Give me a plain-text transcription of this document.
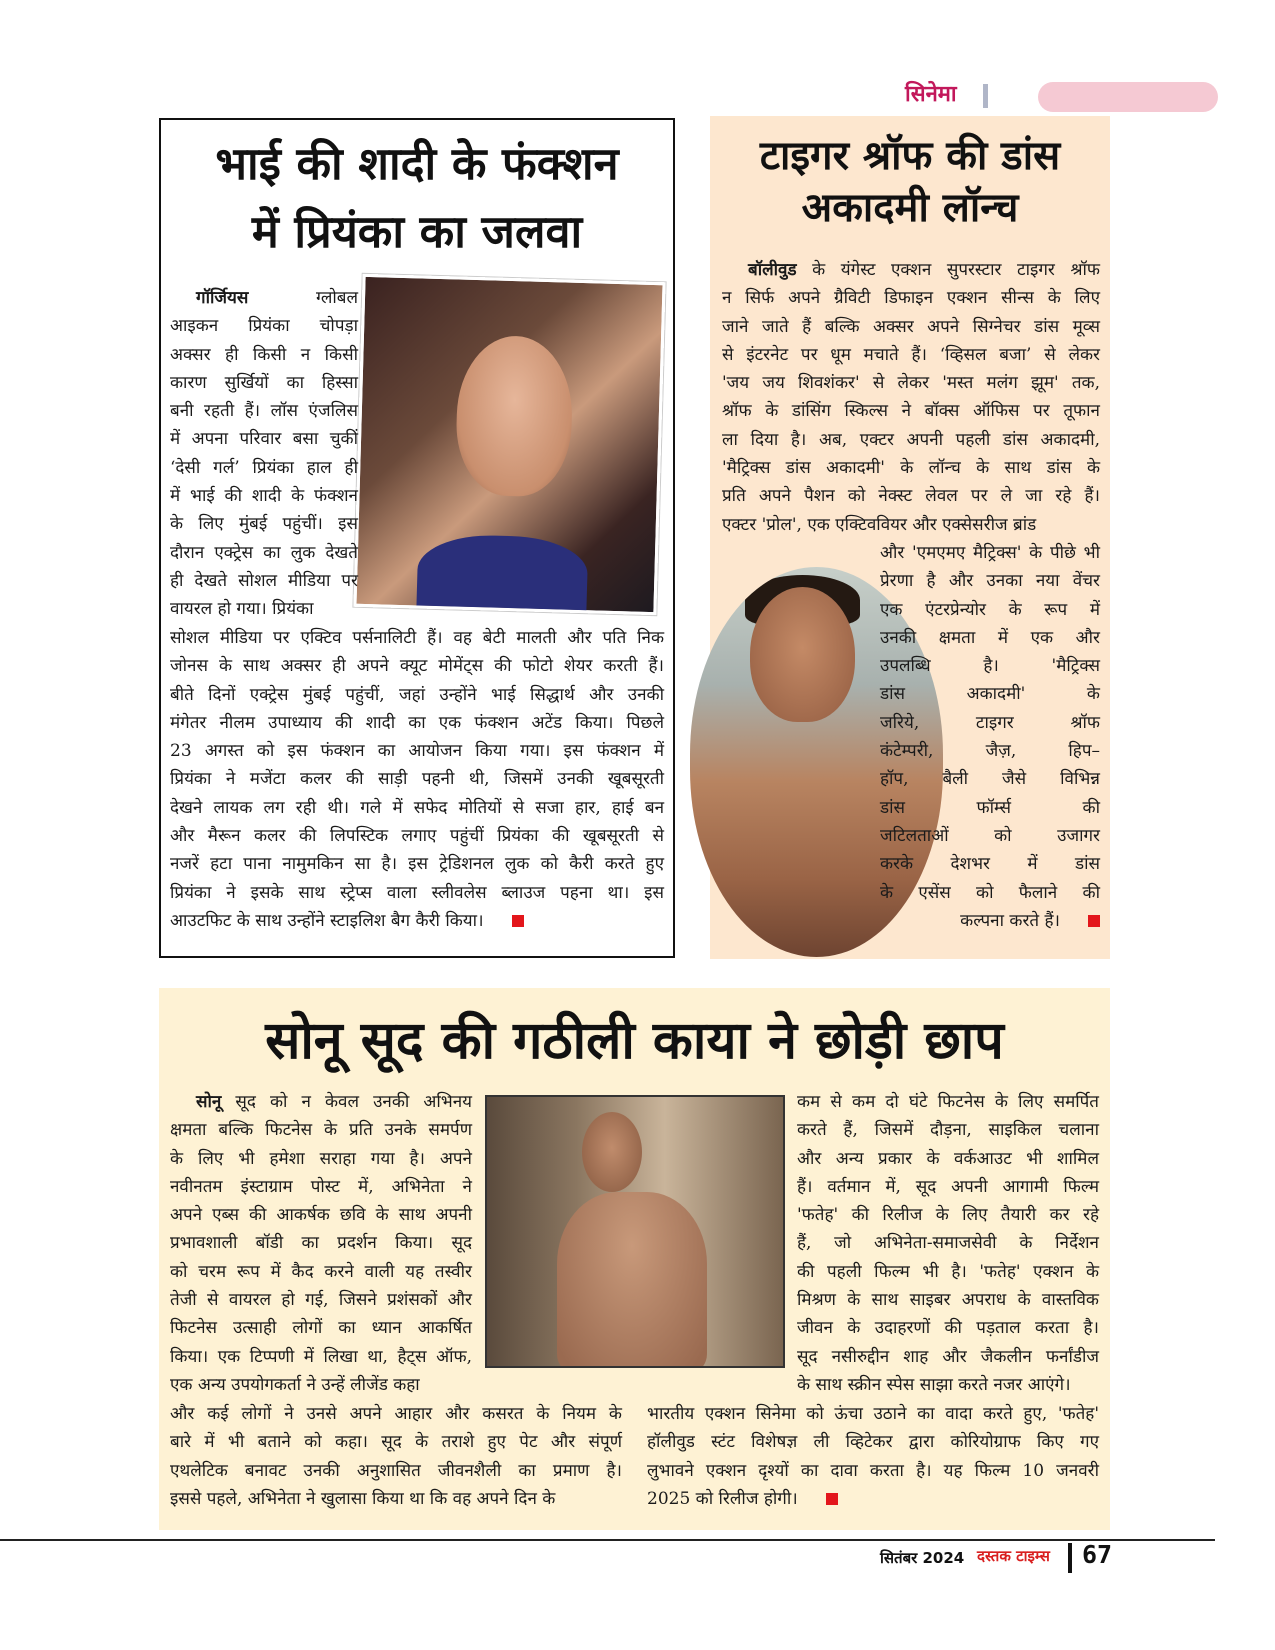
सिनेमा
भाई की शादी के फंक्शन
में प्रियंका का जलवा

गॉर्जियस ग्लोबल
आइकन प्रियंका चोपड़ा
अक्सर ही किसी न किसी
कारण सुर्खियों का हिस्सा
बनी रहती हैं। लॉस एंजलिस
में अपना परिवार बसा चुकीं
‘देसी गर्ल’ प्रियंका हाल ही
में भाई की शादी के फंक्शन
के लिए मुंबई पहुंचीं। इस
दौरान एक्ट्रेस का लुक देखते
ही देखते सोशल मीडिया पर
वायरल हो गया। प्रियंका

सोशल मीडिया पर एक्टिव पर्सनालिटी हैं। वह बेटी मालती और पति निक
जोनस के साथ अक्सर ही अपने क्यूट मोमेंट्स की फोटो शेयर करती हैं।
बीते दिनों एक्ट्रेस मुंबई पहुंचीं, जहां उन्होंने भाई सिद्धार्थ और उनकी
मंगेतर नीलम उपाध्याय की शादी का एक फंक्शन अटेंड किया। पिछले
23 अगस्त को इस फंक्शन का आयोजन किया गया। इस फंक्शन में
प्रियंका ने मजेंटा कलर की साड़ी पहनी थी, जिसमें उनकी खूबसूरती
देखने लायक लग रही थी। गले में सफेद मोतियों से सजा हार, हाई बन
और मैरून कलर की लिपस्टिक लगाए पहुंचीं प्रियंका की खूबसूरती से
नजरें हटा पाना नामुमकिन सा है। इस ट्रेडिशनल लुक को कैरी करते हुए
प्रियंका ने इसके साथ स्ट्रेप्स वाला स्लीवलेस ब्लाउज पहना था। इस
आउटफिट के साथ उन्होंने स्टाइलिश बैग कैरी किया।

टाइगर श्रॉफ की डांस
अकादमी लॉन्च

बॉलीवुड के यंगेस्ट एक्शन सुपरस्टार टाइगर श्रॉफ
न सिर्फ अपने ग्रैविटी डिफाइन एक्शन सीन्स के लिए
जाने जाते हैं बल्कि अक्सर अपने सिग्नेचर डांस मूव्स
से इंटरनेट पर धूम मचाते हैं। ‘व्हिसल बजा’ से लेकर
'जय जय शिवशंकर' से लेकर 'मस्त मलंग झूम' तक,
श्रॉफ के डांसिंग स्किल्स ने बॉक्स ऑफिस पर तूफान
ला दिया है। अब, एक्टर अपनी पहली डांस अकादमी,
'मैट्रिक्स डांस अकादमी' के लॉन्च के साथ डांस के
प्रति अपने पैशन को नेक्स्ट लेवल पर ले जा रहे हैं।
एक्टर 'प्रोल', एक एक्टिववियर और एक्सेसरीज ब्रांड

और 'एमएमए मैट्रिक्स' के पीछे भी
प्रेरणा है और उनका नया वेंचर
एक एंटरप्रेन्योर के रूप में
उनकी क्षमता में एक और
उपलब्धि है। 'मैट्रिक्स
डांस अकादमी' के
जरिये, टाइगर श्रॉफ
कंटेम्परी, जैज़, हिप–
हॉप, बैली जैसे विभिन्न
डांस फॉर्म्स की
जटिलताओं को उजागर
करके देशभर में डांस
के एसेंस को फैलाने की
कल्पना करते हैं।

सोनू सूद की गठीली काया ने छोड़ी छाप

सोनू सूद को न केवल उनकी अभिनय
क्षमता बल्कि फिटनेस के प्रति उनके समर्पण
के लिए भी हमेशा सराहा गया है। अपने
नवीनतम इंस्टाग्राम पोस्ट में, अभिनेता ने
अपने एब्स की आकर्षक छवि के साथ अपनी
प्रभावशाली बॉडी का प्रदर्शन किया। सूद
को चरम रूप में कैद करने वाली यह तस्वीर
तेजी से वायरल हो गई, जिसने प्रशंसकों और
फिटनेस उत्साही लोगों का ध्यान आकर्षित
किया। एक टिप्पणी में लिखा था, हैट्स ऑफ,
एक अन्य उपयोगकर्ता ने उन्हें लीजेंड कहा

और कई लोगों ने उनसे अपने आहार और कसरत के नियम के
बारे में भी बताने को कहा। सूद के तराशे हुए पेट और संपूर्ण
एथलेटिक बनावट उनकी अनुशासित जीवनशैली का प्रमाण है।
इससे पहले, अभिनेता ने खुलासा किया था कि वह अपने दिन के

कम से कम दो घंटे फिटनेस के लिए समर्पित
करते हैं, जिसमें दौड़ना, साइकिल चलाना
और अन्य प्रकार के वर्कआउट भी शामिल
हैं। वर्तमान में, सूद अपनी आगामी फिल्म
'फतेह' की रिलीज के लिए तैयारी कर रहे
हैं, जो अभिनेता-समाजसेवी के निर्देशन
की पहली फिल्म भी है। 'फतेह' एक्शन के
मिश्रण के साथ साइबर अपराध के वास्तविक
जीवन के उदाहरणों की पड़ताल करता है।
सूद नसीरुद्दीन शाह और जैकलीन फर्नांडीज
के साथ स्क्रीन स्पेस साझा करते नजर आएंगे।

भारतीय एक्शन सिनेमा को ऊंचा उठाने का वादा करते हुए, 'फतेह'
हॉलीवुड स्टंट विशेषज्ञ ली व्हिटेकर द्वारा कोरियोग्राफ किए गए
लुभावने एक्शन दृश्यों का दावा करता है। यह फिल्म 10 जनवरी
2025 को रिलीज होगी।

सितंबर 2024 दस्तक टाइम्स 67
